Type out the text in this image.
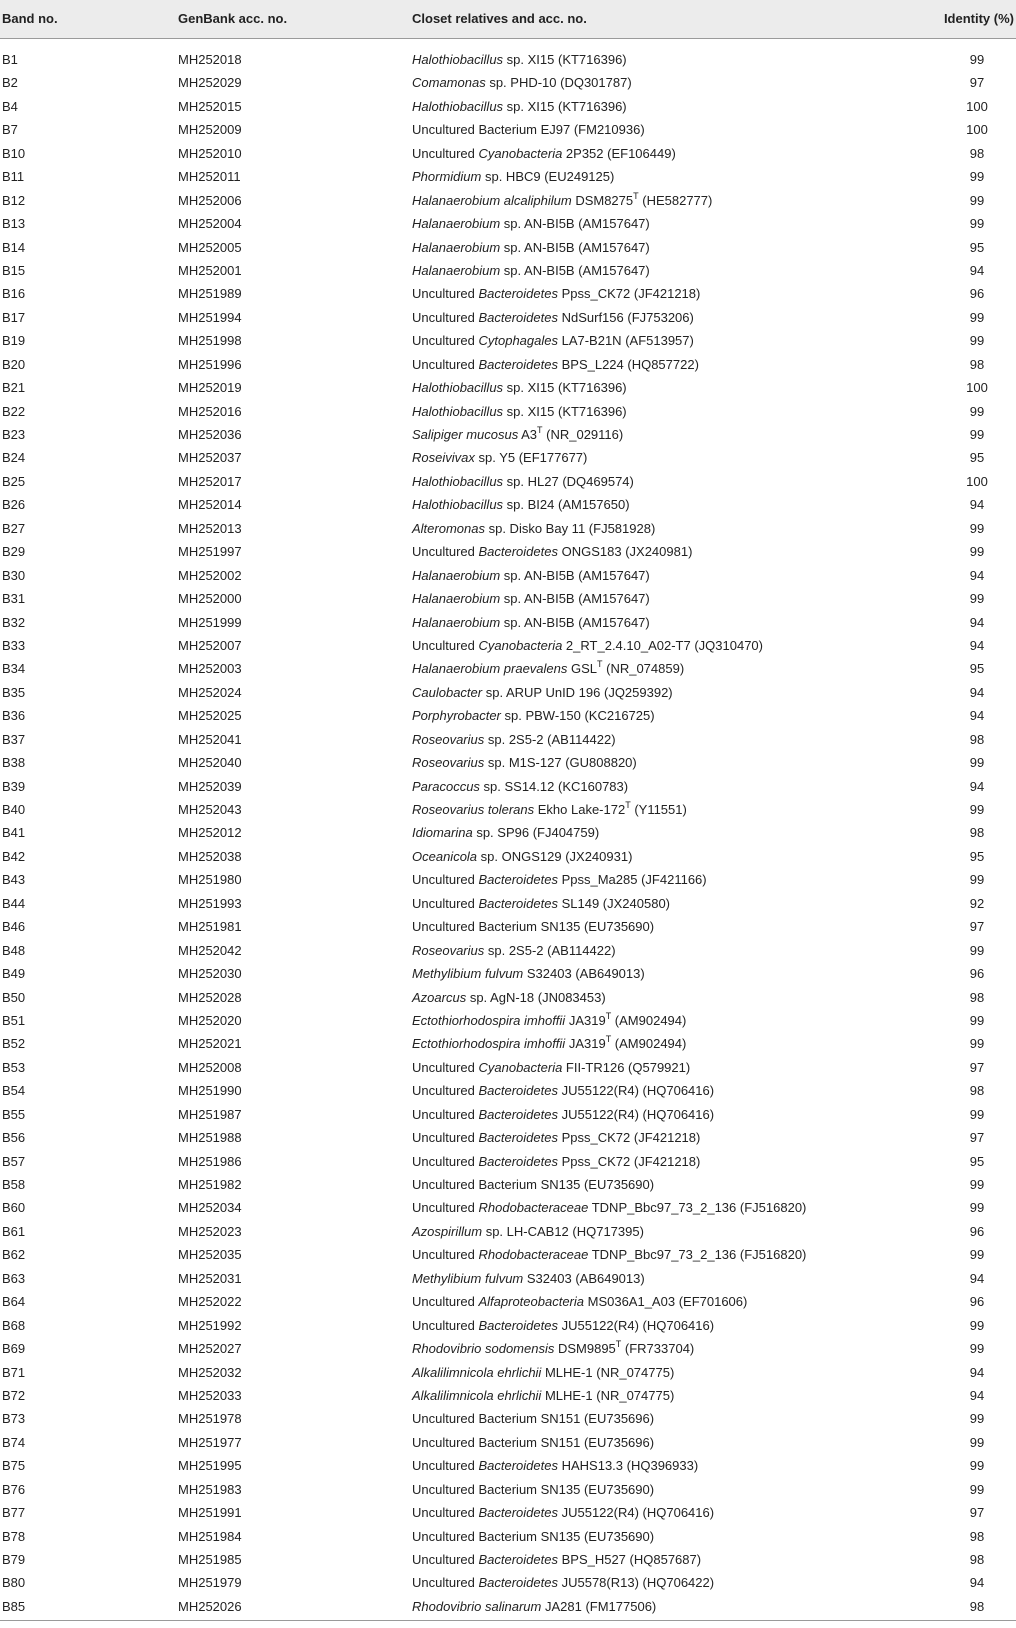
Band no.	GenBank acc. no.	Closet relatives and acc. no.	Identity (%)
B1	MH252018	Halothiobacillus sp. XI15 (KT716396)	99
B2	MH252029	Comamonas sp. PHD-10 (DQ301787)	97
B4	MH252015	Halothiobacillus sp. XI15 (KT716396)	100
B7	MH252009	Uncultured Bacterium EJ97 (FM210936)	100
B10	MH252010	Uncultured Cyanobacteria 2P352 (EF106449)	98
B11	MH252011	Phormidium sp. HBC9 (EU249125)	99
B12	MH252006	Halanaerobium alcaliphilum $DSM8275^T$ (HE582777)	99
B13	MH252004	Halanaerobium sp. AN-BI5B (AM157647)	99
B14	MH252005	Halanaerobium sp. AN-BI5B (AM157647)	95
B15	MH252001	Halanaerobium sp. AN-BI5B (AM157647)	94
B16	MH251989	Uncultured Bacteroidetes Ppss_CK72 (JF421218)	96
B17	MH251994	Uncultured Bacteroidetes NdSurf156 (FJ753206)	99
B19	MH251998	Uncultured Cytophagales LA7-B21N (AF513957)	99
B20	MH251996	Uncultured Bacteroidetes BPS_L224 (HQ857722)	98
B21	MH252019	Halothiobacillus sp. XI15 (KT716396)	100
B22	MH252016	Halothiobacillus sp. XI15 (KT716396)	99
B23	MH252036	Salipiger mucosus $A3^T$ (NR_029116)	99
B24	MH252037	Roseivivax sp. Y5 (EF177677)	95
B25	MH252017	Halothiobacillus sp. HL27 (DQ469574)	100
B26	MH252014	Halothiobacillus sp. BI24 (AM157650)	94
B27	MH252013	Alteromonas sp. Disko Bay 11 (FJ581928)	99
B29	MH251997	Uncultured Bacteroidetes ONGS183 (JX240981)	99
B30	MH252002	Halanaerobium sp. AN-BI5B (AM157647)	94
B31	MH252000	Halanaerobium sp. AN-BI5B (AM157647)	99
B32	MH251999	Halanaerobium sp. AN-BI5B (AM157647)	94
B33	MH252007	Uncultured Cyanobacteria 2_RT_2.4.10_A02-T7 (JQ310470)	94
B34	MH252003	Halanaerobium praevalens $GSL^T$ (NR_074859)	95
B35	MH252024	Caulobacter sp. ARUP UnID 196 (JQ259392)	94
B36	MH252025	Porphyrobacter sp. PBW-150 (KC216725)	94
B37	MH252041	Roseovarius sp. 2S5-2 (AB114422)	98
B38	MH252040	Roseovarius sp. M1S-127 (GU808820)	99
B39	MH252039	Paracoccus sp. SS14.12 (KC160783)	94
B40	MH252043	Roseovarius tolerans Ekho Lake-$172^T$ (Y11551)	99
B41	MH252012	Idiomarina sp. SP96 (FJ404759)	98
B42	MH252038	Oceanicola sp. ONGS129 (JX240931)	95
B43	MH251980	Uncultured Bacteroidetes Ppss_Ma285 (JF421166)	99
B44	MH251993	Uncultured Bacteroidetes SL149 (JX240580)	92
B46	MH251981	Uncultured Bacterium SN135 (EU735690)	97
B48	MH252042	Roseovarius sp. 2S5-2 (AB114422)	99
B49	MH252030	Methylibium fulvum S32403 (AB649013)	96
B50	MH252028	Azoarcus sp. AgN-18 (JN083453)	98
B51	MH252020	Ectothiorhodospira imhoffii $JA319^T$ (AM902494)	99
B52	MH252021	Ectothiorhodospira imhoffii $JA319^T$ (AM902494)	99
B53	MH252008	Uncultured Cyanobacteria FII-TR126 (Q579921)	97
B54	MH251990	Uncultured Bacteroidetes JU55122(R4) (HQ706416)	98
B55	MH251987	Uncultured Bacteroidetes JU55122(R4) (HQ706416)	99
B56	MH251988	Uncultured Bacteroidetes Ppss_CK72 (JF421218)	97
B57	MH251986	Uncultured Bacteroidetes Ppss_CK72 (JF421218)	95
B58	MH251982	Uncultured Bacterium SN135 (EU735690)	99
B60	MH252034	Uncultured Rhodobacteraceae TDNP_Bbc97_73_2_136 (FJ516820)	99
B61	MH252023	Azospirillum sp. LH-CAB12 (HQ717395)	96
B62	MH252035	Uncultured Rhodobacteraceae TDNP_Bbc97_73_2_136 (FJ516820)	99
B63	MH252031	Methylibium fulvum S32403 (AB649013)	94
B64	MH252022	Uncultured Alfaproteobacteria MS036A1_A03 (EF701606)	96
B68	MH251992	Uncultured Bacteroidetes JU55122(R4) (HQ706416)	99
B69	MH252027	Rhodovibrio sodomensis $DSM9895^T$ (FR733704)	99
B71	MH252032	Alkalilimnicola ehrlichii MLHE-1 (NR_074775)	94
B72	MH252033	Alkalilimnicola ehrlichii MLHE-1 (NR_074775)	94
B73	MH251978	Uncultured Bacterium SN151 (EU735696)	99
B74	MH251977	Uncultured Bacterium SN151 (EU735696)	99
B75	MH251995	Uncultured Bacteroidetes HAHS13.3 (HQ396933)	99
B76	MH251983	Uncultured Bacterium SN135 (EU735690)	99
B77	MH251991	Uncultured Bacteroidetes JU55122(R4) (HQ706416)	97
B78	MH251984	Uncultured Bacterium SN135 (EU735690)	98
B79	MH251985	Uncultured Bacteroidetes BPS_H527 (HQ857687)	98
B80	MH251979	Uncultured Bacteroidetes JU5578(R13) (HQ706422)	94
B85	MH252026	Rhodovibrio salinarum JA281 (FM177506)	98
